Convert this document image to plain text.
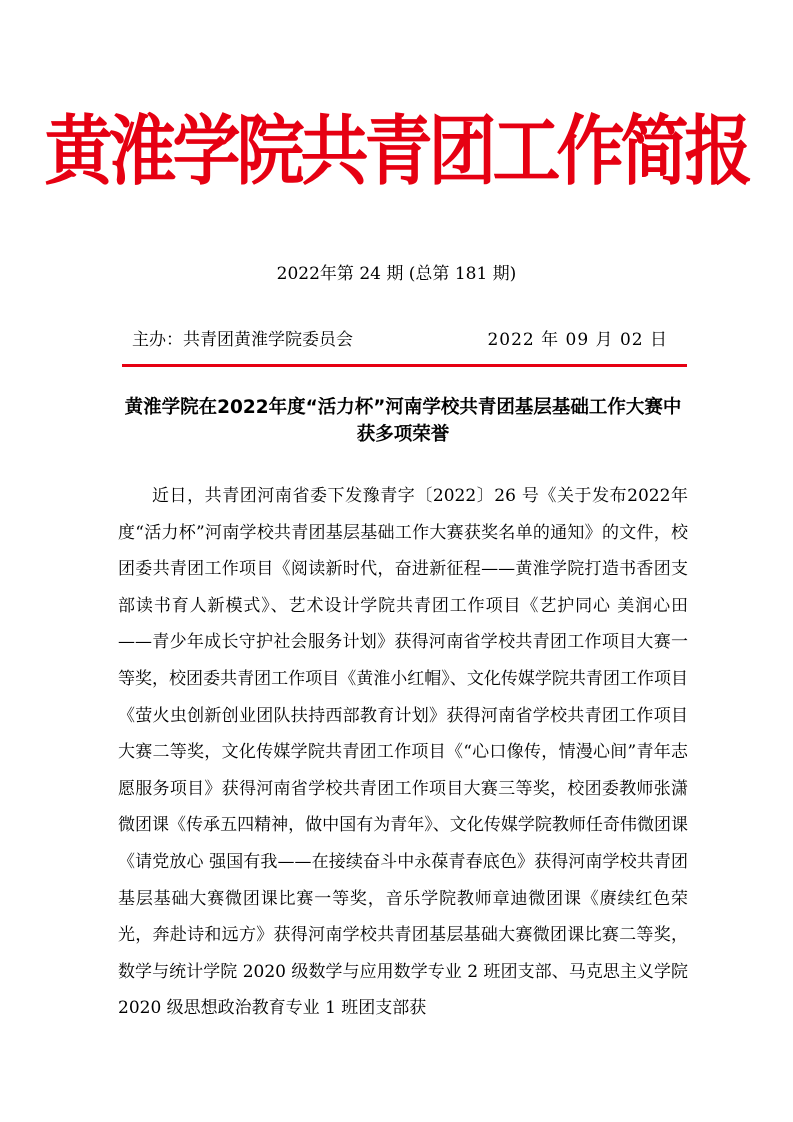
黄淮学院共青团工作简报
2022年第 24 期 (总第 181 期)
主办：共青团黄淮学院委员会	2022 年 09 月 02 日
黄淮学院在2022年度“活力杯”河南学校共青团基层基础工作大赛中获多项荣誉
近日，共青团河南省委下发豫青字〔2022〕26 号《关于发布2022年度“活力杯”河南学校共青团基层基础工作大赛获奖名单的通知》的文件，校团委共青团工作项目《阅读新时代，奋进新征程——黄淮学院打造书香团支部读书育人新模式》、艺术设计学院共青团工作项目《艺护同心 美润心田——青少年成长守护社会服务计划》获得河南省学校共青团工作项目大赛一等奖，校团委共青团工作项目《黄淮小红帽》、文化传媒学院共青团工作项目《萤火虫创新创业团队扶持西部教育计划》获得河南省学校共青团工作项目大赛二等奖，文化传媒学院共青团工作项目《“心口像传，情漫心间”青年志愿服务项目》获得河南省学校共青团工作项目大赛三等奖，校团委教师张潇微团课《传承五四精神，做中国有为青年》、文化传媒学院教师任奇伟微团课《请党放心 强国有我——在接续奋斗中永葆青春底色》获得河南学校共青团基层基础大赛微团课比赛一等奖，音乐学院教师章迪微团课《赓续红色荣光，奔赴诗和远方》获得河南学校共青团基层基础大赛微团课比赛二等奖，数学与统计学院 2020 级数学与应用数学专业 2 班团支部、马克思主义学院 2020 级思想政治教育专业 1 班团支部获
